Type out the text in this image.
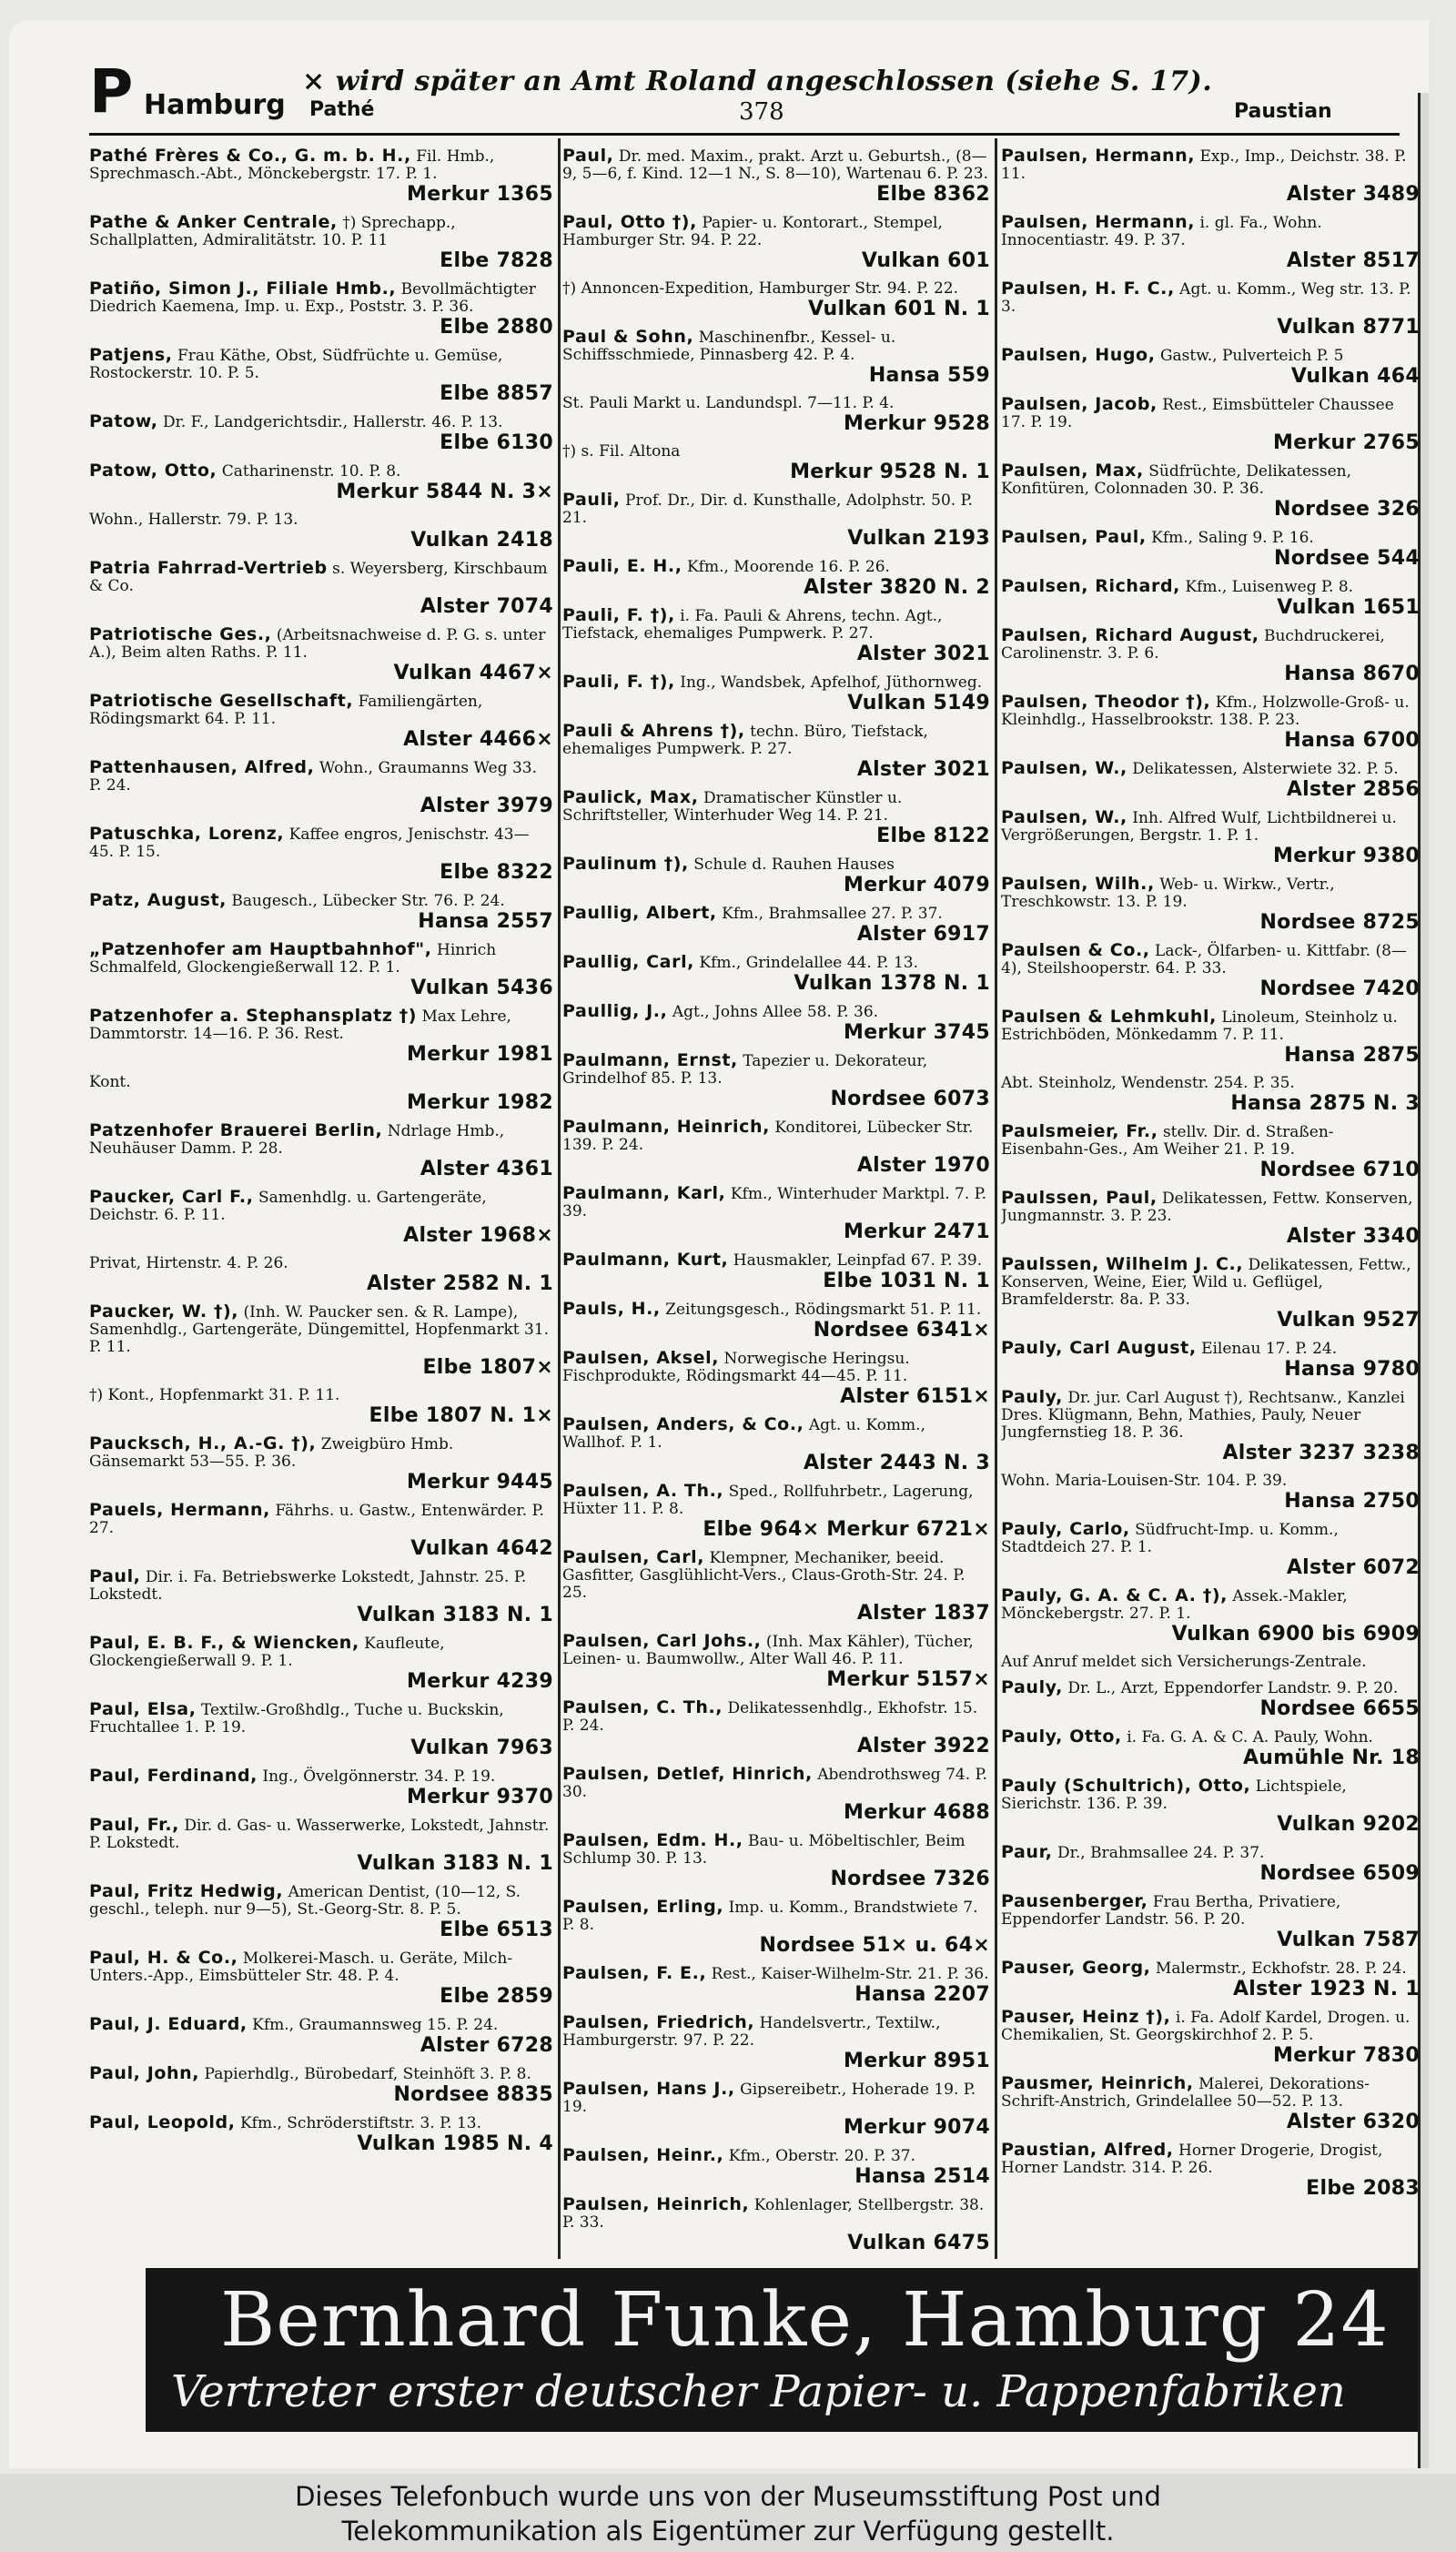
P Hamburg Pathé
× wird später an Amt Roland angeschlossen (siehe S. 17).
378	Paustian
Pathé Frères & Co., G. m. b. H., Fil. Hmb., Sprechmasch.-Abt., Mönckebergstr. 17. P. 1.
Merkur 1365
Pathe & Anker Centrale, †) Sprechapp., Schallplatten, Admiralitätstr. 10. P. 11
Elbe 7828
Patiño, Simon J., Filiale Hmb., Bevollmächtigter Diedrich Kaemena, Imp. u. Exp., Poststr. 3. P. 36.
Elbe 2880
Patjens, Frau Käthe, Obst, Südfrüchte u. Gemüse, Rostockerstr. 10. P. 5.
Elbe 8857
Patow, Dr. F., Landgerichtsdir., Hallerstr. 46. P. 13.
Elbe 6130
Patow, Otto, Catharinenstr. 10. P. 8.
Merkur 5844 N. 3×
Wohn., Hallerstr. 79. P. 13.
Vulkan 2418
Patria Fahrrad-Vertrieb s. Weyersberg, Kirschbaum & Co.
Alster 7074
Patriotische Ges., (Arbeitsnachweise d. P. G. s. unter A.), Beim alten Raths. P. 11.
Vulkan 4467×
Patriotische Gesellschaft, Familiengärten, Rödingsmarkt 64. P. 11.
Alster 4466×
Pattenhausen, Alfred, Wohn., Graumanns Weg 33. P. 24.
Alster 3979
Patuschka, Lorenz, Kaffee engros, Jenischstr. 43—45. P. 15.
Elbe 8322
Patz, August, Baugesch., Lübecker Str. 76. P. 24.
Hansa 2557
„Patzenhofer am Hauptbahnhof", Hinrich Schmalfeld, Glockengießerwall 12. P. 1.
Vulkan 5436
Patzenhofer a. Stephansplatz †) Max Lehre, Dammtorstr. 14—16. P. 36. Rest.
Merkur 1981
Kont.
Merkur 1982
Patzenhofer Brauerei Berlin, Ndrlage Hmb., Neuhäuser Damm. P. 28.
Alster 4361
Paucker, Carl F., Samenhdlg. u. Gartengeräte, Deichstr. 6. P. 11.
Alster 1968×
Privat, Hirtenstr. 4. P. 26.
Alster 2582 N. 1
Paucker, W. †), (Inh. W. Paucker sen. & R. Lampe), Samenhdlg., Gartengeräte, Düngemittel, Hopfenmarkt 31. P. 11.
Elbe 1807×
†) Kont., Hopfenmarkt 31. P. 11.
Elbe 1807 N. 1×
Paucksch, H., A.-G. †), Zweigbüro Hmb. Gänsemarkt 53—55. P. 36.
Merkur 9445
Pauels, Hermann, Fährhs. u. Gastw., Entenwärder. P. 27.
Vulkan 4642
Paul, Dir. i. Fa. Betriebswerke Lokstedt, Jahnstr. 25. P. Lokstedt.
Vulkan 3183 N. 1
Paul, E. B. F., & Wiencken, Kaufleute, Glockengießerwall 9. P. 1.
Merkur 4239
Paul, Elsa, Textilw.-Großhdlg., Tuche u. Buckskin, Fruchtallee 1. P. 19.
Vulkan 7963
Paul, Ferdinand, Ing., Övelgönnerstr. 34. P. 19.
Merkur 9370
Paul, Fr., Dir. d. Gas- u. Wasserwerke, Lokstedt, Jahnstr. P. Lokstedt.
Vulkan 3183 N. 1
Paul, Fritz Hedwig, American Dentist, (10—12, S. geschl., teleph. nur 9—5), St.-Georg-Str. 8. P. 5.
Elbe 6513
Paul, H. & Co., Molkerei-Masch. u. Geräte, Milch-Unters.-App., Eimsbütteler Str. 48. P. 4.
Elbe 2859
Paul, J. Eduard, Kfm., Graumannsweg 15. P. 24.
Alster 6728
Paul, John, Papierhdlg., Bürobedarf, Steinhöft 3. P. 8.
Nordsee 8835
Paul, Leopold, Kfm., Schröderstiftstr. 3. P. 13.
Vulkan 1985 N. 4
Paul, Dr. med. Maxim., prakt. Arzt u. Geburtsh., (8—9, 5—6, f. Kind. 12—1 N., S. 8—10), Wartenau 6. P. 23.
Elbe 8362
Paul, Otto †), Papier- u. Kontorart., Stempel, Hamburger Str. 94. P. 22.
Vulkan 601
†) Annoncen-Expedition, Hamburger Str. 94. P. 22.
Vulkan 601 N. 1
Paul & Sohn, Maschinenfbr., Kessel- u. Schiffsschmiede, Pinnasberg 42. P. 4.
Hansa 559
St. Pauli Markt u. Landundspl. 7—11. P. 4.
Merkur 9528
†) s. Fil. Altona
Merkur 9528 N. 1
Pauli, Prof. Dr., Dir. d. Kunsthalle, Adolphstr. 50. P. 21.
Vulkan 2193
Pauli, E. H., Kfm., Moorende 16. P. 26.
Alster 3820 N. 2
Pauli, F. †), i. Fa. Pauli & Ahrens, techn. Agt., Tiefstack, ehemaliges Pumpwerk. P. 27.
Alster 3021
Pauli, F. †), Ing., Wandsbek, Apfelhof, Jüthornweg.
Vulkan 5149
Pauli & Ahrens †), techn. Büro, Tiefstack, ehemaliges Pumpwerk. P. 27.
Alster 3021
Paulick, Max, Dramatischer Künstler u. Schriftsteller, Winterhuder Weg 14. P. 21.
Elbe 8122
Paulinum †), Schule d. Rauhen Hauses
Merkur 4079
Paullig, Albert, Kfm., Brahmsallee 27. P. 37.
Alster 6917
Paullig, Carl, Kfm., Grindelallee 44. P. 13.
Vulkan 1378 N. 1
Paullig, J., Agt., Johns Allee 58. P. 36.
Merkur 3745
Paulmann, Ernst, Tapezier u. Dekorateur, Grindelhof 85. P. 13.
Nordsee 6073
Paulmann, Heinrich, Konditorei, Lübecker Str. 139. P. 24.
Alster 1970
Paulmann, Karl, Kfm., Winterhuder Marktpl. 7. P. 39.
Merkur 2471
Paulmann, Kurt, Hausmakler, Leinpfad 67. P. 39.
Elbe 1031 N. 1
Pauls, H., Zeitungsgesch., Rödingsmarkt 51. P. 11.
Nordsee 6341×
Paulsen, Aksel, Norwegische Heringsu. Fischprodukte, Rödingsmarkt 44—45. P. 11.
Alster 6151×
Paulsen, Anders, & Co., Agt. u. Komm., Wallhof. P. 1.
Alster 2443 N. 3
Paulsen, A. Th., Sped., Rollfuhrbetr., Lagerung, Hüxter 11. P. 8.
Elbe 964× Merkur 6721×
Paulsen, Carl, Klempner, Mechaniker, beeid. Gasfitter, Gasglühlicht-Vers., Claus-Groth-Str. 24. P. 25.
Alster 1837
Paulsen, Carl Johs., (Inh. Max Kähler), Tücher, Leinen- u. Baumwollw., Alter Wall 46. P. 11.
Merkur 5157×
Paulsen, C. Th., Delikatessenhdlg., Ekhofstr. 15. P. 24.
Alster 3922
Paulsen, Detlef, Hinrich, Abendrothsweg 74. P. 30.
Merkur 4688
Paulsen, Edm. H., Bau- u. Möbeltischler, Beim Schlump 30. P. 13.
Nordsee 7326
Paulsen, Erling, Imp. u. Komm., Brandstwiete 7. P. 8.
Nordsee 51× u. 64×
Paulsen, F. E., Rest., Kaiser-Wilhelm-Str. 21. P. 36.
Hansa 2207
Paulsen, Friedrich, Handelsvertr., Textilw., Hamburgerstr. 97. P. 22.
Merkur 8951
Paulsen, Hans J., Gipsereibetr., Hoherade 19. P. 19.
Merkur 9074
Paulsen, Heinr., Kfm., Oberstr. 20. P. 37.
Hansa 2514
Paulsen, Heinrich, Kohlenlager, Stellbergstr. 38. P. 33.
Vulkan 6475
Paulsen, Hermann, Exp., Imp., Deichstr. 38. P. 11.
Alster 3489
Paulsen, Hermann, i. gl. Fa., Wohn. Innocentiastr. 49. P. 37.
Alster 8517
Paulsen, H. F. C., Agt. u. Komm., Weg str. 13. P. 3.
Vulkan 8771
Paulsen, Hugo, Gastw., Pulverteich P. 5
Vulkan 464
Paulsen, Jacob, Rest., Eimsbütteler Chaussee 17. P. 19.
Merkur 2765
Paulsen, Max, Südfrüchte, Delikatessen, Konfitüren, Colonnaden 30. P. 36.
Nordsee 326
Paulsen, Paul, Kfm., Saling 9. P. 16.
Nordsee 544
Paulsen, Richard, Kfm., Luisenweg P. 8.
Vulkan 1651
Paulsen, Richard August, Buchdruckerei, Carolinenstr. 3. P. 6.
Hansa 8670
Paulsen, Theodor †), Kfm., Holzwolle-Groß- u. Kleinhdlg., Hasselbrookstr. 138. P. 23.
Hansa 6700
Paulsen, W., Delikatessen, Alsterwiete 32. P. 5.
Alster 2856
Paulsen, W., Inh. Alfred Wulf, Lichtbildnerei u. Vergrößerungen, Bergstr. 1. P. 1.
Merkur 9380
Paulsen, Wilh., Web- u. Wirkw., Vertr., Treschkowstr. 13. P. 19.
Nordsee 8725
Paulsen & Co., Lack-, Ölfarben- u. Kittfabr. (8—4), Steilshooperstr. 64. P. 33.
Nordsee 7420
Paulsen & Lehmkuhl, Linoleum, Steinholz u. Estrichböden, Mönkedamm 7. P. 11.
Hansa 2875
Abt. Steinholz, Wendenstr. 254. P. 35.
Hansa 2875 N. 3
Paulsmeier, Fr., stellv. Dir. d. Straßen-Eisenbahn-Ges., Am Weiher 21. P. 19.
Nordsee 6710
Paulssen, Paul, Delikatessen, Fettw. Konserven, Jungmannstr. 3. P. 23.
Alster 3340
Paulssen, Wilhelm J. C., Delikatessen, Fettw., Konserven, Weine, Eier, Wild u. Geflügel, Bramfelderstr. 8a. P. 33.
Vulkan 9527
Pauly, Carl August, Eilenau 17. P. 24.
Hansa 9780
Pauly, Dr. jur. Carl August †), Rechtsanw., Kanzlei Dres. Klügmann, Behn, Mathies, Pauly, Neuer Jungfernstieg 18. P. 36.
Alster 3237 3238
Wohn. Maria-Louisen-Str. 104. P. 39.
Hansa 2750
Pauly, Carlo, Südfrucht-Imp. u. Komm., Stadtdeich 27. P. 1.
Alster 6072
Pauly, G. A. & C. A. †), Assek.-Makler, Mönckebergstr. 27. P. 1.
Vulkan 6900 bis 6909
Auf Anruf meldet sich Versicherungs-Zentrale.
Pauly, Dr. L., Arzt, Eppendorfer Landstr. 9. P. 20.
Nordsee 6655
Pauly, Otto, i. Fa. G. A. & C. A. Pauly, Wohn.
Aumühle Nr. 18
Pauly (Schultrich), Otto, Lichtspiele, Sierichstr. 136. P. 39.
Vulkan 9202
Paur, Dr., Brahmsallee 24. P. 37.
Nordsee 6509
Pausenberger, Frau Bertha, Privatiere, Eppendorfer Landstr. 56. P. 20.
Vulkan 7587
Pauser, Georg, Malermstr., Eckhofstr. 28. P. 24.
Alster 1923 N. 1
Pauser, Heinz †), i. Fa. Adolf Kardel, Drogen. u. Chemikalien, St. Georgskirchhof 2. P. 5.
Merkur 7830
Pausmer, Heinrich, Malerei, Dekorations-Schrift-Anstrich, Grindelallee 50—52. P. 13.
Alster 6320
Paustian, Alfred, Horner Drogerie, Drogist, Horner Landstr. 314. P. 26.
Elbe 2083
Bernhard Funke, Hamburg 24
Vertreter erster deutscher Papier- u. Pappenfabriken
Dieses Telefonbuch wurde uns von der Museumsstiftung Post und
Telekommunikation als Eigentümer zur Verfügung gestellt.
